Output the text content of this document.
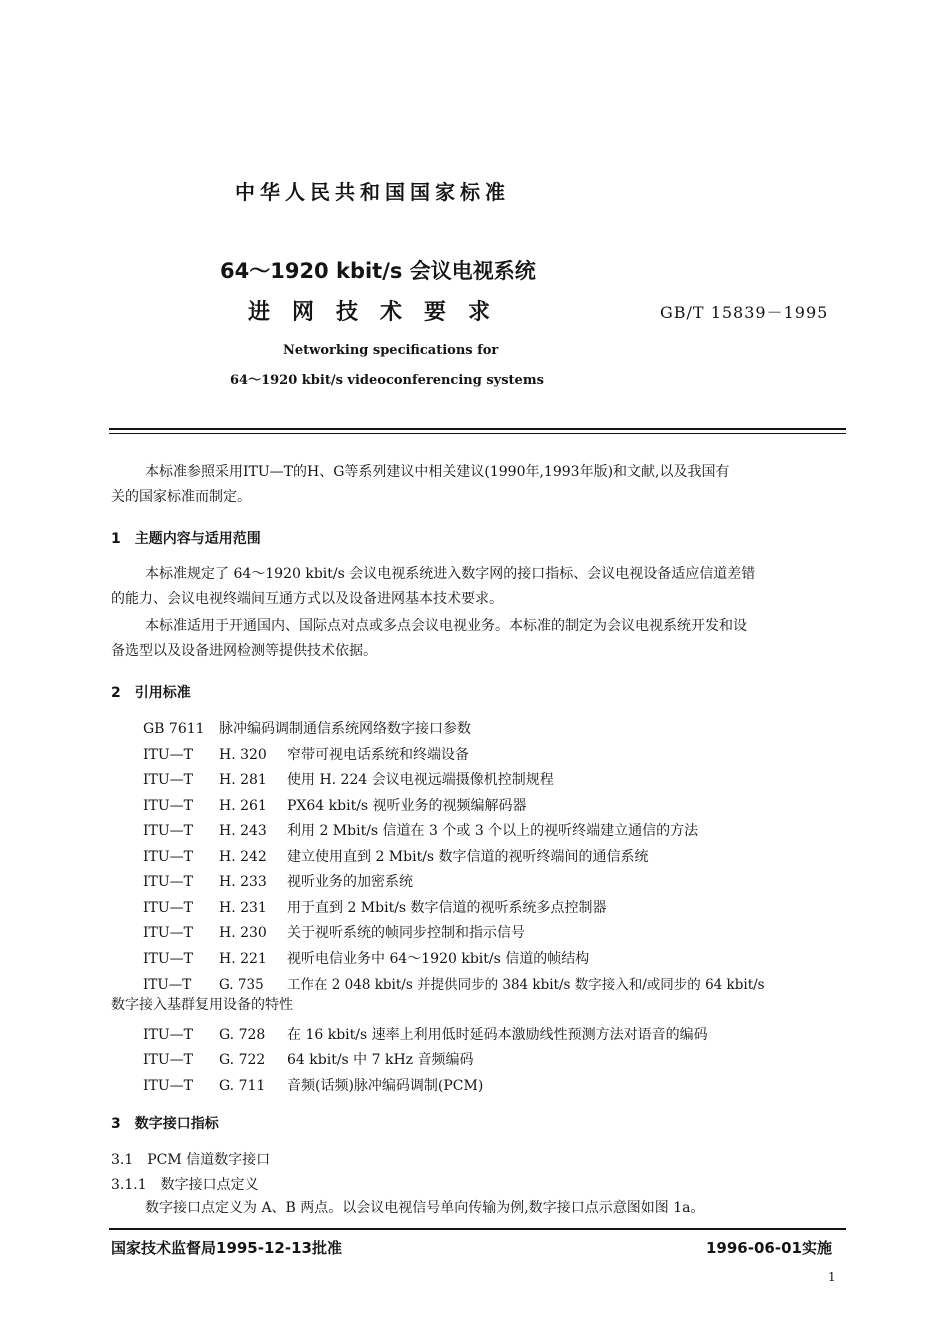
中华人民共和国国家标准
64～1920 kbit/s 会议电视系统
进网技术要求	GB/T 15839－1995
Networking specifications for
64～1920 kbit/s videoconferencing systems
本标准参照采用ITU—T的H、G等系列建议中相关建议(1990年,1993年版)和文献,以及我国有
关的国家标准而制定。
1　主题内容与适用范围
本标准规定了 64～1920 kbit/s 会议电视系统进入数字网的接口指标、会议电视设备适应信道差错
的能力、会议电视终端间互通方式以及设备进网基本技术要求。
本标准适用于开通国内、国际点对点或多点会议电视业务。本标准的制定为会议电视系统开发和设
备选型以及设备进网检测等提供技术依据。
2　引用标准
GB 7611 脉冲编码调制通信系统网络数字接口参数
ITU—T H. 320 窄带可视电话系统和终端设备
ITU—T H. 281 使用 H. 224 会议电视远端摄像机控制规程
ITU—T H. 261 PX64 kbit/s 视听业务的视频编解码器
ITU—T H. 243 利用 2 Mbit/s 信道在 3 个或 3 个以上的视听终端建立通信的方法
ITU—T H. 242 建立使用直到 2 Mbit/s 数字信道的视听终端间的通信系统
ITU—T H. 233 视听业务的加密系统
ITU—T H. 231 用于直到 2 Mbit/s 数字信道的视听系统多点控制器
ITU—T H. 230 关于视听系统的帧同步控制和指示信号
ITU—T H. 221 视听电信业务中 64～1920 kbit/s 信道的帧结构
ITU—T G. 735 工作在 2 048 kbit/s 并提供同步的 384 kbit/s 数字接入和/或同步的 64 kbit/s
数字接入基群复用设备的特性
ITU—T G. 728 在 16 kbit/s 速率上利用低时延码本激励线性预测方法对语音的编码
ITU—T G. 722 64 kbit/s 中 7 kHz 音频编码
ITU—T G. 711 音频(话频)脉冲编码调制(PCM)
3　数字接口指标
3.1　PCM 信道数字接口
3.1.1　数字接口点定义
数字接口点定义为 A、B 两点。以会议电视信号单向传输为例,数字接口点示意图如图 1a。
国家技术监督局1995-12-13批准	1996-06-01实施
1
